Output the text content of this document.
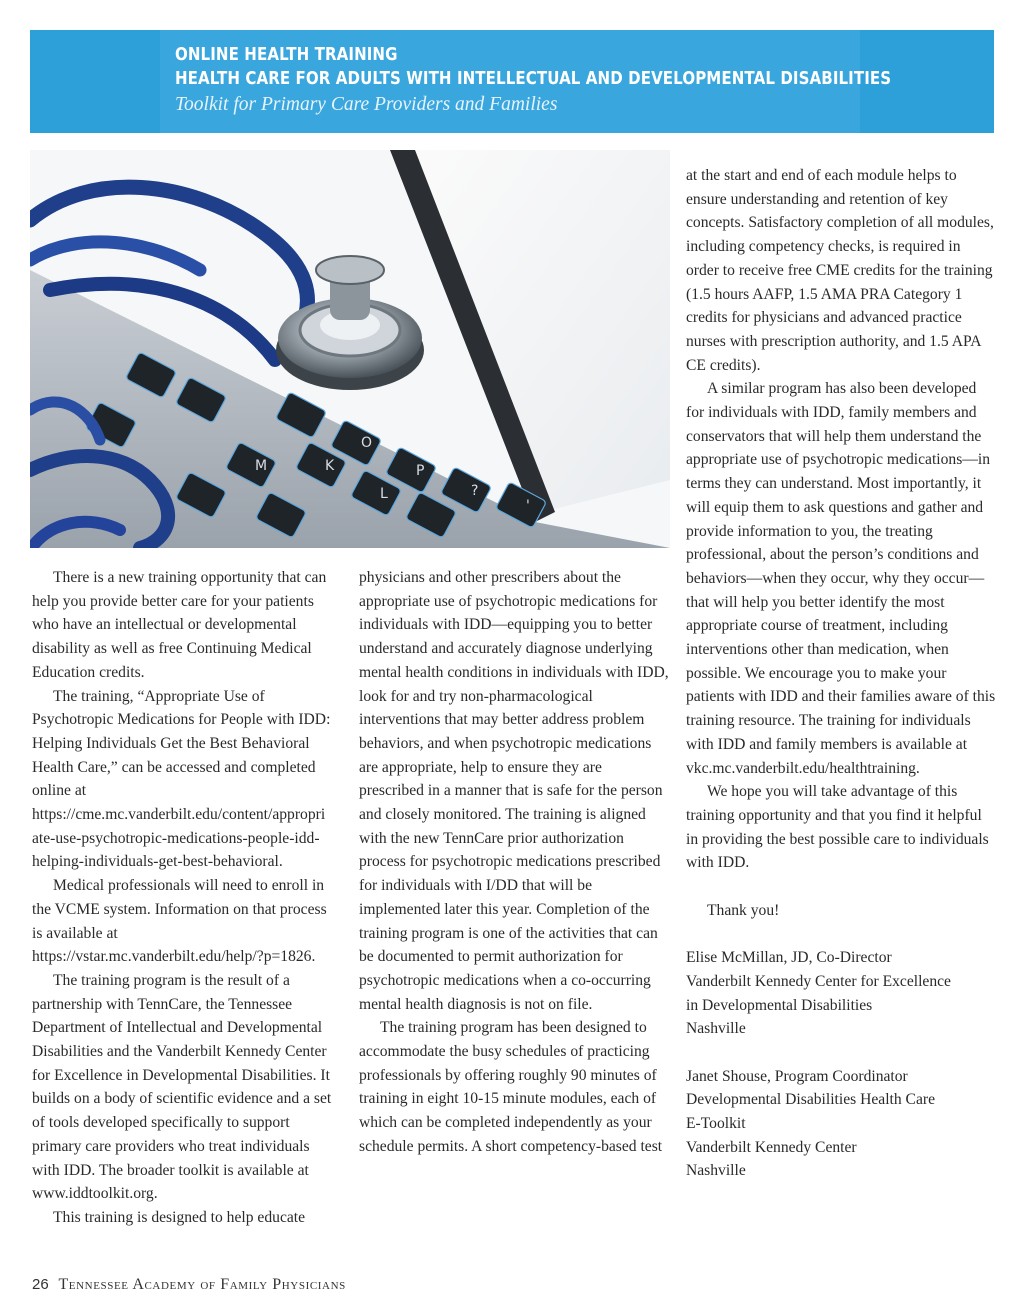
ONLINE HEALTH TRAINING
HEALTH CARE FOR ADULTS WITH INTELLECTUAL AND DEVELOPMENTAL DISABILITIES
Toolkit for Primary Care Providers and Families
M	K
O
P
L	?
'

There is a new training opportunity that can help you provide better care for your patients who have an intellectual or developmental disability as well as free Continuing Medical Education credits.

The training, “Appropriate Use of Psychotropic Medications for People with IDD: Helping Individuals Get the Best Behavioral Health Care,” can be accessed and completed online at https://cme.mc.vanderbilt.edu/content/appropriate-use-psychotropic-medications-people-idd-helping-individuals-get-best-behavioral.

Medical professionals will need to enroll in the VCME system. Information on that process is available at https://vstar.mc.vanderbilt.edu/help/?p=1826.

The training program is the result of a partnership with TennCare, the Tennessee Department of Intellectual and Developmental Disabilities and the Vanderbilt Kennedy Center for Excellence in Developmental Disabilities. It builds on a body of scientific evidence and a set of tools developed specifically to support primary care providers who treat individuals with IDD. The broader toolkit is available at www.iddtoolkit.org.

This training is designed to help educate

physicians and other prescribers about the appropriate use of psychotropic medications for individuals with IDD—equipping you to better understand and accurately diagnose underlying mental health conditions in individuals with IDD, look for and try non-pharmacological interventions that may better address problem behaviors, and when psychotropic medications are appropriate, help to ensure they are prescribed in a manner that is safe for the person and closely monitored. The training is aligned with the new TennCare prior authorization process for psychotropic medications prescribed for individuals with I/DD that will be implemented later this year. Completion of the training program is one of the activities that can be documented to permit authorization for psychotropic medications when a co-occurring mental health diagnosis is not on file.

The training program has been designed to accommodate the busy schedules of practicing professionals by offering roughly 90 minutes of training in eight 10-15 minute modules, each of which can be completed independently as your schedule permits. A short competency-based test

at the start and end of each module helps to ensure understanding and retention of key concepts. Satisfactory completion of all modules, including competency checks, is required in order to receive free CME credits for the training (1.5 hours AAFP, 1.5 AMA PRA Category 1 credits for physicians and advanced practice nurses with prescription authority, and 1.5 APA CE credits).

A similar program has also been developed for individuals with IDD, family members and conservators that will help them understand the appropriate use of psychotropic medications—in terms they can understand. Most importantly, it will equip them to ask questions and gather and provide information to you, the treating professional, about the person’s conditions and behaviors—when they occur, why they occur—that will help you better identify the most appropriate course of treatment, including interventions other than medication, when possible. We encourage you to make your patients with IDD and their families aware of this training resource. The training for individuals with IDD and family members is available at vkc.mc.vanderbilt.edu/healthtraining.

We hope you will take advantage of this training opportunity and that you find it helpful in providing the best possible care to individuals with IDD.

Thank you!

Elise McMillan, JD, Co-Director
Vanderbilt Kennedy Center for Excellence
in Developmental Disabilities
Nashville
Janet Shouse, Program Coordinator
Developmental Disabilities Health Care
E-Toolkit
Vanderbilt Kennedy Center
Nashville
26 Tennessee Academy of Family Physicians
